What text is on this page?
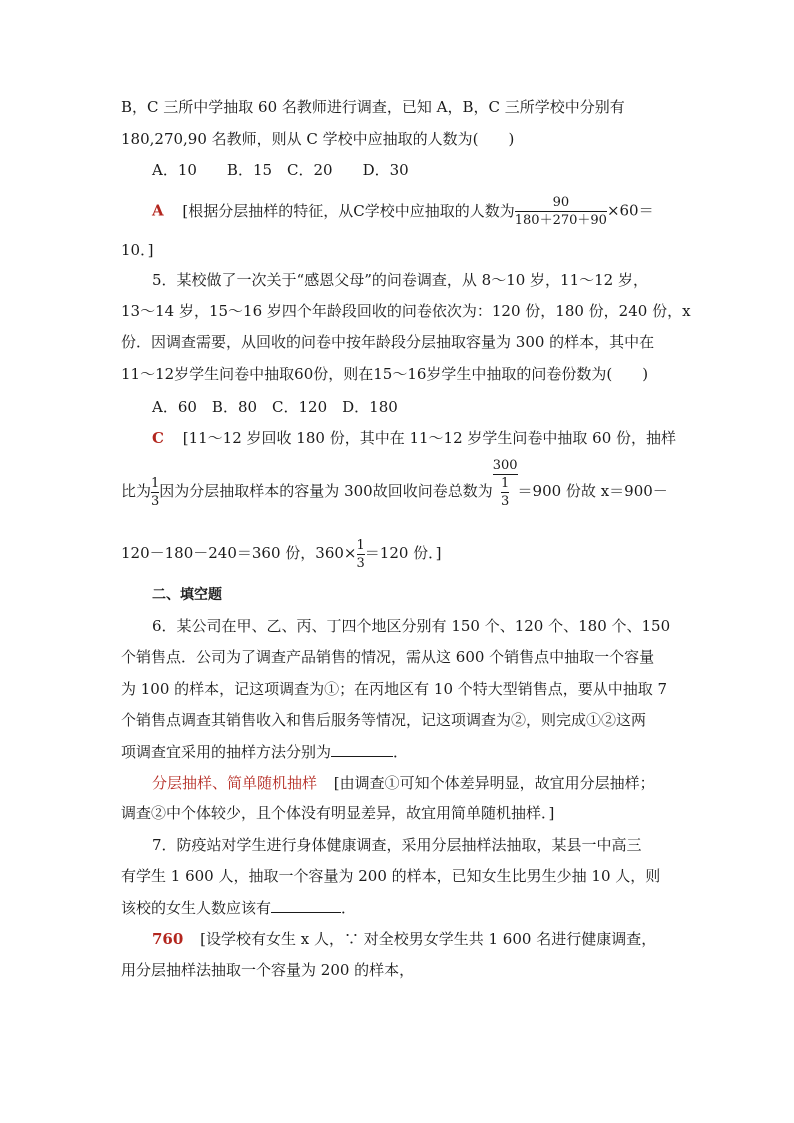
B，C 三所中学抽取 60 名教师进行调查，已知 A，B，C 三所学校中分别有
180,270,90 名教师，则从 C 学校中应抽取的人数为(　　)
A．10　　B．15　C．20　　D．30
A [根据分层抽样的特征，从C学校中应抽取的人数为 $\frac{90}{180+270+90} \times 60=$
10．]
5．某校做了一次关于“感恩父母”的问卷调查，从 8～10 岁，11～12 岁，
13～14 岁，15～16 岁四个年龄段回收的问卷依次为：120 份，180 份，240 份，x
份．因调查需要，从回收的问卷中按年龄段分层抽取容量为 300 的样本，其中在
11～12岁学生问卷中抽取60份，则在15～16岁学生中抽取的问卷份数为(　　)
A．60　B．80　C．120　D．180
C [11～12 岁回收 180 份，其中在 11～12 岁学生问卷中抽取 60 份，抽样
比为 $\frac{1}{3}$ 因为分层抽取样本的容量为 300故回收问卷总数为 $\frac{300}{\frac{1}{3}} =900$ 份故 x＝900－
120－180－240＝360 份，$360\times \frac{1}{3} =120$ 份．]
二、填空题
6．某公司在甲、乙、丙、丁四个地区分别有 150 个、120 个、180 个、150
个销售点．公司为了调查产品销售的情况，需从这 600 个销售点中抽取一个容量
为 100 的样本，记这项调查为①；在丙地区有 10 个特大型销售点，要从中抽取 7
个销售点调查其销售收入和售后服务等情况，记这项调查为②，则完成①②这两
项调查宜采用的抽样方法分别为	．
分层抽样、简单随机抽样 [由调查①可知个体差异明显，故宜用分层抽样；
调查②中个体较少，且个体没有明显差异，故宜用简单随机抽样．]
7．防疫站对学生进行身体健康调查，采用分层抽样法抽取，某县一中高三
有学生 1 600 人，抽取一个容量为 200 的样本，已知女生比男生少抽 10 人，则
该校的女生人数应该有	．
760 [设学校有女生 x 人，∵ 对全校男女学生共 1 600 名进行健康调查，
用分层抽样法抽取一个容量为 200 的样本，
